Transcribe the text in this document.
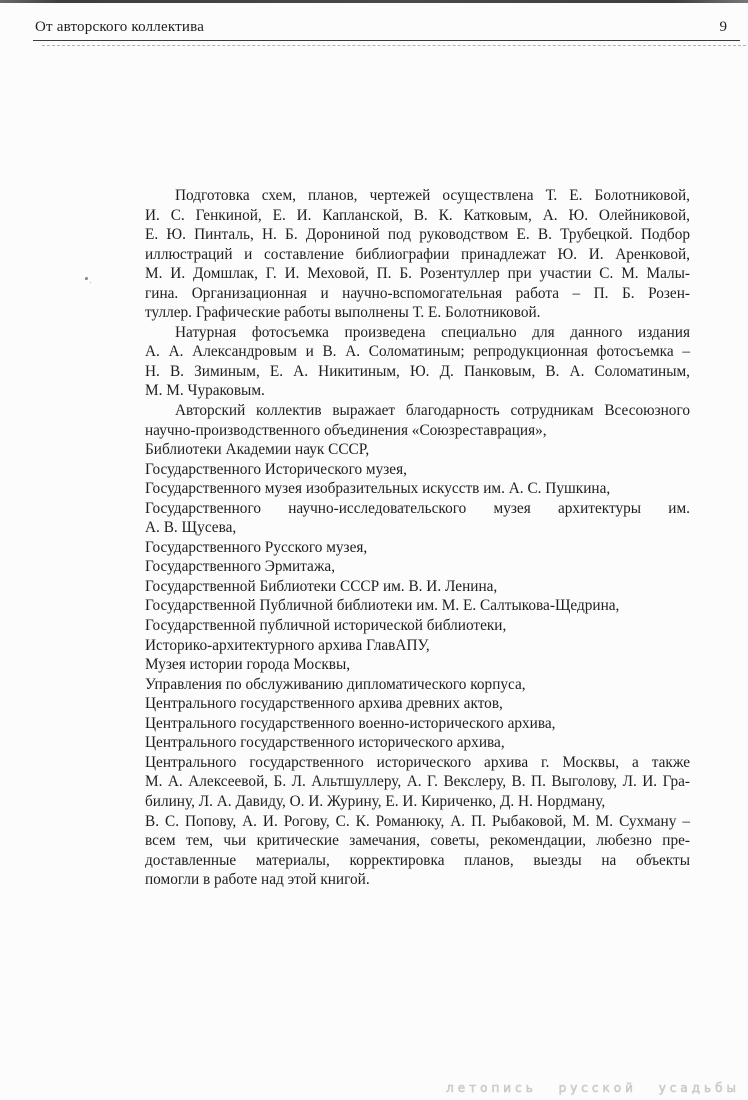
От авторского коллектива	9
Подготовка схем, планов, чертежей осуществлена Т. Е. Болотниковой,
И. С. Генкиной, Е. И. Капланской, В. К. Катковым, А. Ю. Олейниковой,
Е. Ю. Пинталь, Н. Б. Дорониной под руководством Е. В. Трубецкой. Подбор
иллюстраций и составление библиографии принадлежат Ю. И. Аренковой,
М. И. Домшлак, Г. И. Меховой, П. Б. Розентуллер при участии С. М. Малы-
гина. Организационная и научно-вспомогательная работа – П. Б. Розен-
туллер. Графические работы выполнены Т. Е. Болотниковой.
Натурная фотосъемка произведена специально для данного издания
А. А. Александровым и В. А. Соломатиным; репродукционная фотосъемка –
Н. В. Зиминым, Е. А. Никитиным, Ю. Д. Панковым, В. А. Соломатиным,
М. М. Чураковым.
Авторский коллектив выражает благодарность сотрудникам Всесоюзного
научно-производственного объединения «Союзреставрация»,
Библиотеки Академии наук СССР,
Государственного Исторического музея,
Государственного музея изобразительных искусств им. А. С. Пушкина,
Государственного научно-исследовательского музея архитектуры им.
А. В. Щусева,
Государственного Русского музея,
Государственного Эрмитажа,
Государственной Библиотеки СССР им. В. И. Ленина,
Государственной Публичной библиотеки им. М. Е. Салтыкова-Щедрина,
Государственной публичной исторической библиотеки,
Историко-архитектурного архива ГлавАПУ,
Музея истории города Москвы,
Управления по обслуживанию дипломатического корпуса,
Центрального государственного архива древних актов,
Центрального государственного военно-исторического архива,
Центрального государственного исторического архива,
Центрального государственного исторического архива г. Москвы, а также
М. А. Алексеевой, Б. Л. Альтшуллеру, А. Г. Векслеру, В. П. Выголову, Л. И. Гра-
билину, Л. А. Давиду, О. И. Журину, Е. И. Кириченко, Д. Н. Нордману,
В. С. Попову, А. И. Рогову, С. К. Романюку, А. П. Рыбаковой, М. М. Сухману –
всем тем, чьи критические замечания, советы, рекомендации, любезно пре-
доставленные материалы, корректировка планов, выезды на объекты
помогли в работе над этой книгой.
летопись русской усадьбы
